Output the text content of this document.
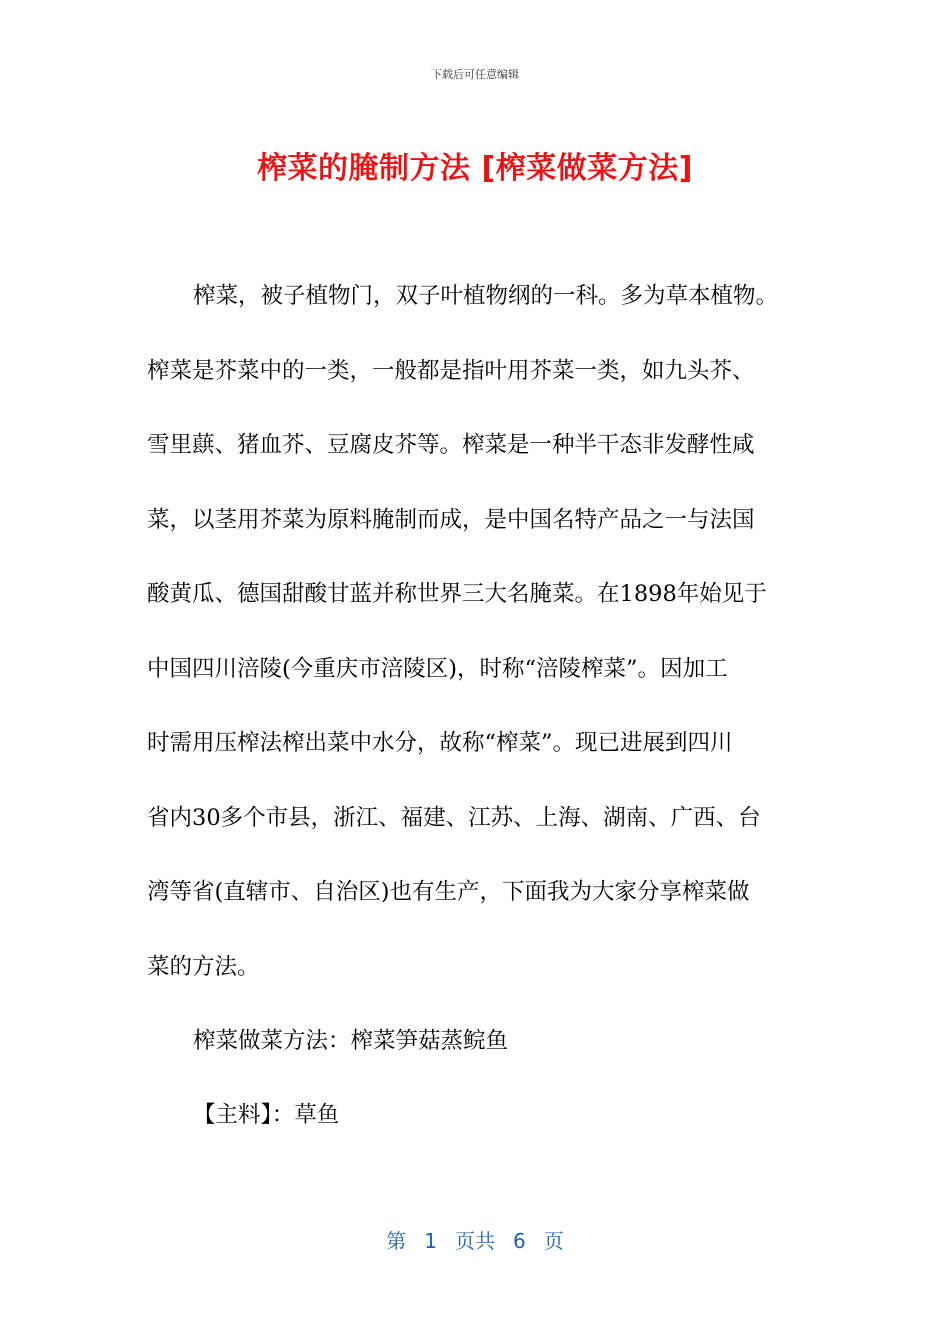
下载后可任意编辑
榨菜的腌制方法 [榨菜做菜方法]
榨菜，被子植物门，双子叶植物纲的一科。多为草本植物。
榨菜是芥菜中的一类，一般都是指叶用芥菜一类，如九头芥、
雪里蕻、猪血芥、豆腐皮芥等。榨菜是一种半干态非发酵性咸
菜，以茎用芥菜为原料腌制而成，是中国名特产品之一与法国
酸黄瓜、德国甜酸甘蓝并称世界三大名腌菜。在1898年始见于
中国四川涪陵(今重庆市涪陵区)，时称“涪陵榨菜”。因加工
时需用压榨法榨出菜中水分，故称“榨菜”。现已进展到四川
省内30多个市县，浙江、福建、江苏、上海、湖南、广西、台
湾等省(直辖市、自治区)也有生产，下面我为大家分享榨菜做
菜的方法。
榨菜做菜方法：榨菜笋菇蒸鲩鱼
【主料】：草鱼
第 1 页共 6 页
